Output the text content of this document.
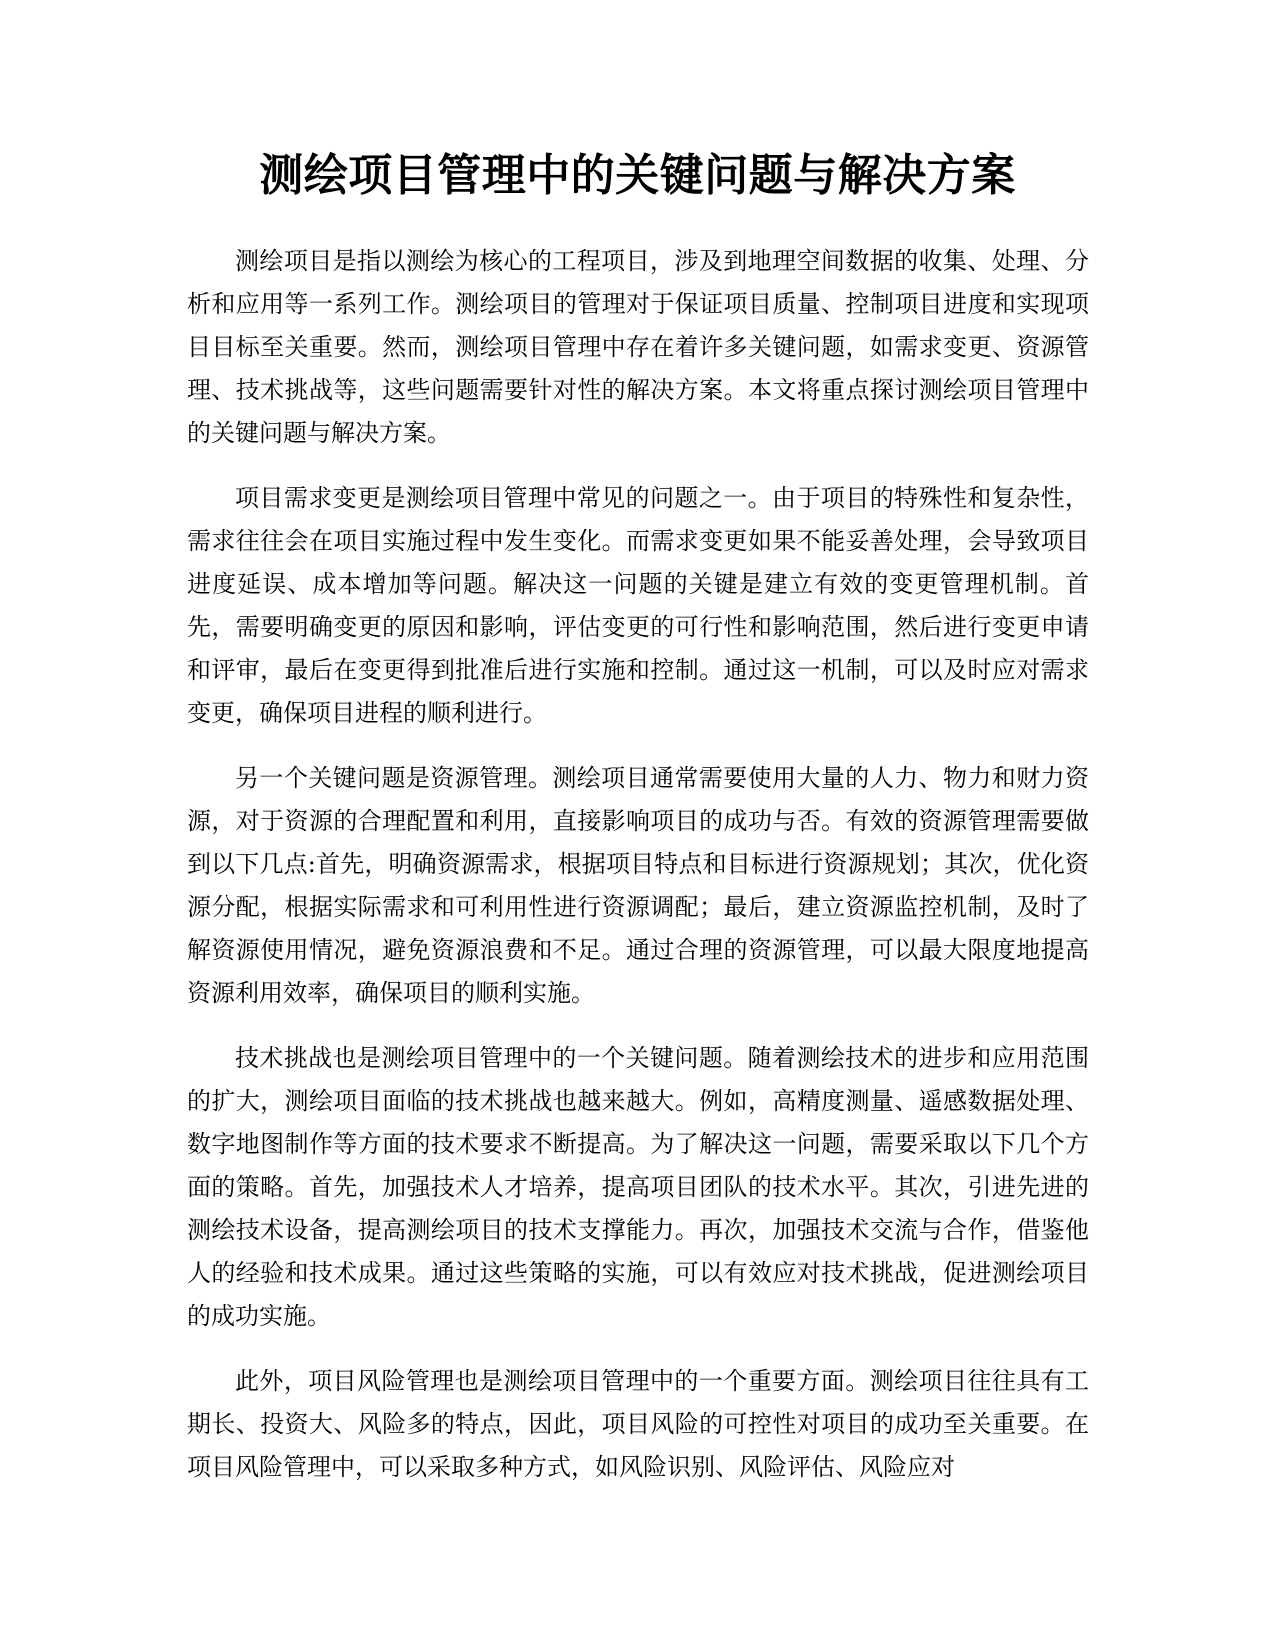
测绘项目管理中的关键问题与解决方案

测绘项目是指以测绘为核心的工程项目，涉及到地理空间数据的收集、处理、分析和应用等一系列工作。测绘项目的管理对于保证项目质量、控制项目进度和实现项目目标至关重要。然而，测绘项目管理中存在着许多关键问题，如需求变更、资源管理、技术挑战等，这些问题需要针对性的解决方案。本文将重点探讨测绘项目管理中的关键问题与解决方案。

项目需求变更是测绘项目管理中常见的问题之一。由于项目的特殊性和复杂性，需求往往会在项目实施过程中发生变化。而需求变更如果不能妥善处理，会导致项目进度延误、成本增加等问题。解决这一问题的关键是建立有效的变更管理机制。首先，需要明确变更的原因和影响，评估变更的可行性和影响范围，然后进行变更申请和评审，最后在变更得到批准后进行实施和控制。通过这一机制，可以及时应对需求变更，确保项目进程的顺利进行。

另一个关键问题是资源管理。测绘项目通常需要使用大量的人力、物力和财力资源，对于资源的合理配置和利用，直接影响项目的成功与否。有效的资源管理需要做到以下几点:首先，明确资源需求，根据项目特点和目标进行资源规划；其次，优化资源分配，根据实际需求和可利用性进行资源调配；最后，建立资源监控机制，及时了解资源使用情况，避免资源浪费和不足。通过合理的资源管理，可以最大限度地提高资源利用效率，确保项目的顺利实施。

技术挑战也是测绘项目管理中的一个关键问题。随着测绘技术的进步和应用范围的扩大，测绘项目面临的技术挑战也越来越大。例如，高精度测量、遥感数据处理、数字地图制作等方面的技术要求不断提高。为了解决这一问题，需要采取以下几个方面的策略。首先，加强技术人才培养，提高项目团队的技术水平。其次，引进先进的测绘技术设备，提高测绘项目的技术支撑能力。再次，加强技术交流与合作，借鉴他人的经验和技术成果。通过这些策略的实施，可以有效应对技术挑战，促进测绘项目的成功实施。

此外，项目风险管理也是测绘项目管理中的一个重要方面。测绘项目往往具有工期长、投资大、风险多的特点，因此，项目风险的可控性对项目的成功至关重要。在项目风险管理中，可以采取多种方式，如风险识别、风险评估、风险应对
